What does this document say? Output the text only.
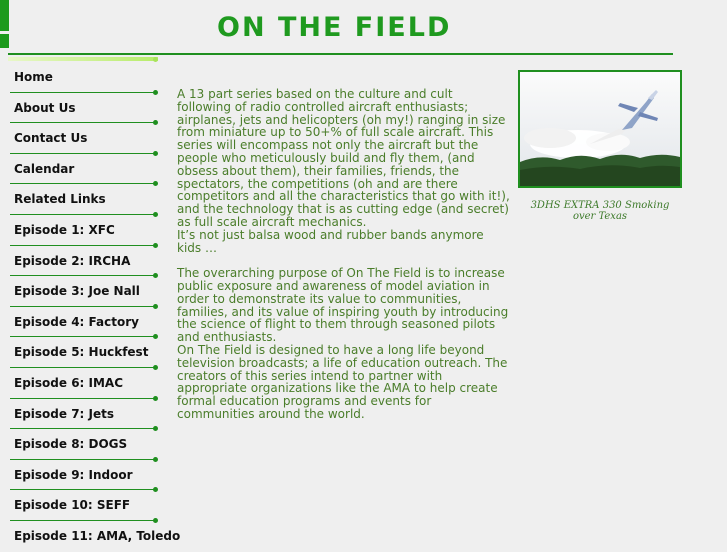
ON THE FIELD
Home
About Us
Contact Us
Calendar
Related Links
Episode 1: XFC
Episode 2: IRCHA
Episode 3: Joe Nall
Episode 4: Factory
Episode 5: Huckfest
Episode 6: IMAC
Episode 7: Jets
Episode 8: DOGS
Episode 9: Indoor
Episode 10: SEFF
Episode 11: AMA, Toledo

A 13 part series based on the culture and cult following of radio controlled aircraft enthusiasts; airplanes, jets and helicopters (oh my!) ranging in size from miniature up to 50+% of full scale aircraft. This series will encompass not only the aircraft but the people who meticulously build and fly them, (and obsess about them), their families, friends, the spectators, the competitions (oh and are there competitors and all the characteristics that go with it!), and the technology that is as cutting edge (and secret) as full scale aircraft mechanics.

It’s not just balsa wood and rubber bands anymore kids …

The overarching purpose of On The Field is to increase public exposure and awareness of model aviation in order to demonstrate its value to communities, families, and its value of inspiring youth by introducing the science of flight to them through seasoned pilots and enthusiasts.

On The Field is designed to have a long life beyond television broadcasts; a life of education outreach. The creators of this series intend to partner with appropriate organizations like the AMA to help create formal education programs and events for communities around the world.

3DHS EXTRA 330 Smoking over Texas
